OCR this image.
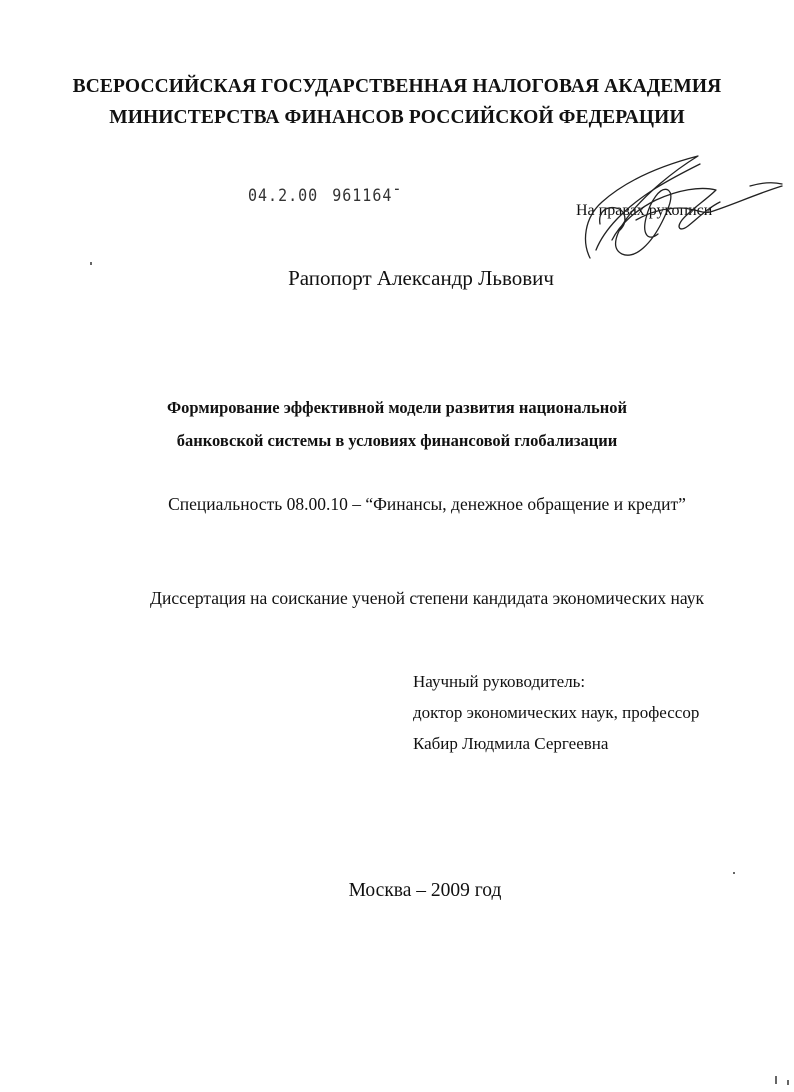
ВСЕРОССИЙСКАЯ ГОСУДАРСТВЕННАЯ НАЛОГОВАЯ АКАДЕМИЯ
МИНИСТЕРСТВА ФИНАНСОВ РОССИЙСКОЙ ФЕДЕРАЦИИ
04.2.00 961164-
На правах рукописи
Рапопорт Александр Львович
Формирование эффективной модели развития национальной
банковской системы в условиях финансовой глобализации
Специальность 08.00.10 – “Финансы, денежное обращение и кредит”
Диссертация на соискание ученой степени кандидата экономических наук
Научный руководитель:
доктор экономических наук, профессор
Кабир Людмила Сергеевна
Москва – 2009 год
